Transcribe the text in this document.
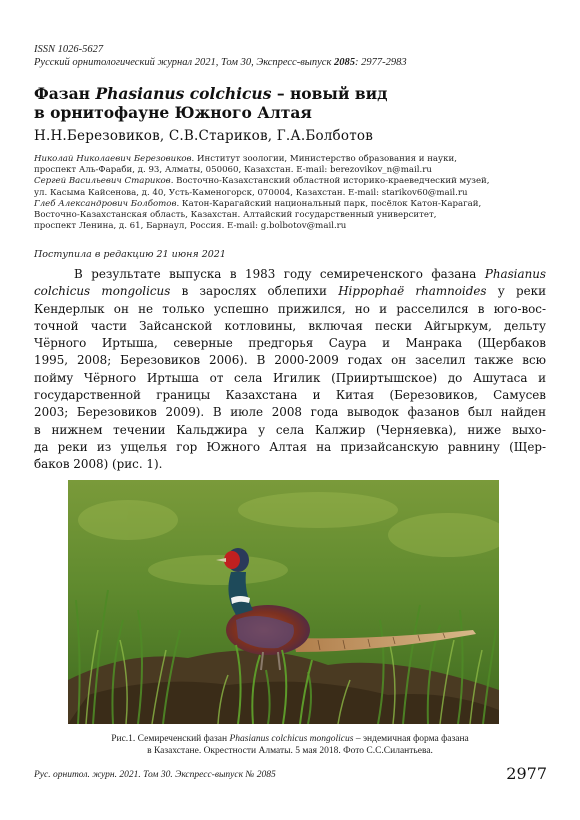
ISSN 1026-5627
Русский орнитологический журнал 2021, Том 30, Экспресс-выпуск 2085: 2977-2983
Фазан Phasianus colchicus – новый вид
в орнитофауне Южного Алтая
Н.Н.Березовиков, С.В.Стариков, Г.А.Болботов

Николай Николаевич Березовиков. Институт зоологии, Министерство образования и науки,

проспект Аль-Фараби, д. 93, Алматы, 050060, Казахстан. E-mail: berezovikov_n@mail.ru

Сергей Васильевич Стариков. Восточно-Казахстанский областной историко-краеведческий музей,

ул. Касыма Кайсенова, д. 40, Усть-Каменогорск, 070004, Казахстан. E-mail: starikov60@mail.ru

Глеб Александрович Болботов. Катон-Карагайский национальный парк, посёлок Катон-Карагай,

Восточно-Казахстанская область, Казахстан. Алтайский государственный университет,

проспект Ленина, д. 61, Барнаул, Россия. E-mail: g.bolbotov@mail.ru

Поступила в редакцию 21 июня 2021
В результате выпуска в 1983 году семиреченского фазана Phasianus
colchicus mongolicus в зарослях облепихи Hippophaë rhamnoides у реки
Кендерлык он не только успешно прижился, но и расселился в юго-вос-
точной части Зайсанской котловины, включая пески Айгыркум, дельту
Чёрного Иртыша, северные предгорья Саура и Манрака (Щербаков
1995, 2008; Березовиков 2006). В 2000-2009 годах он заселил также всю
пойму Чёрного Иртыша от села Игилик (Прииртышское) до Ашутаса и
государственной границы Казахстана и Китая (Березовиков, Самусев
2003; Березовиков 2009). В июле 2008 года выводок фазанов был найден
в нижнем течении Кальджира у села Калжир (Черняевка), ниже выхо-
да реки из ущелья гор Южного Алтая на призайсанскую равнину (Щер-
баков 2008) (рис. 1).
Рис.1. Семиреченский фазан Phasianus colchicus mongolicus – эндемичная форма фазана
в Казахстане. Окрестности Алматы. 5 мая 2018. Фото С.С.Силантьева.
Рус. орнитол. журн. 2021. Том 30. Экспресс-выпуск № 2085	2977
